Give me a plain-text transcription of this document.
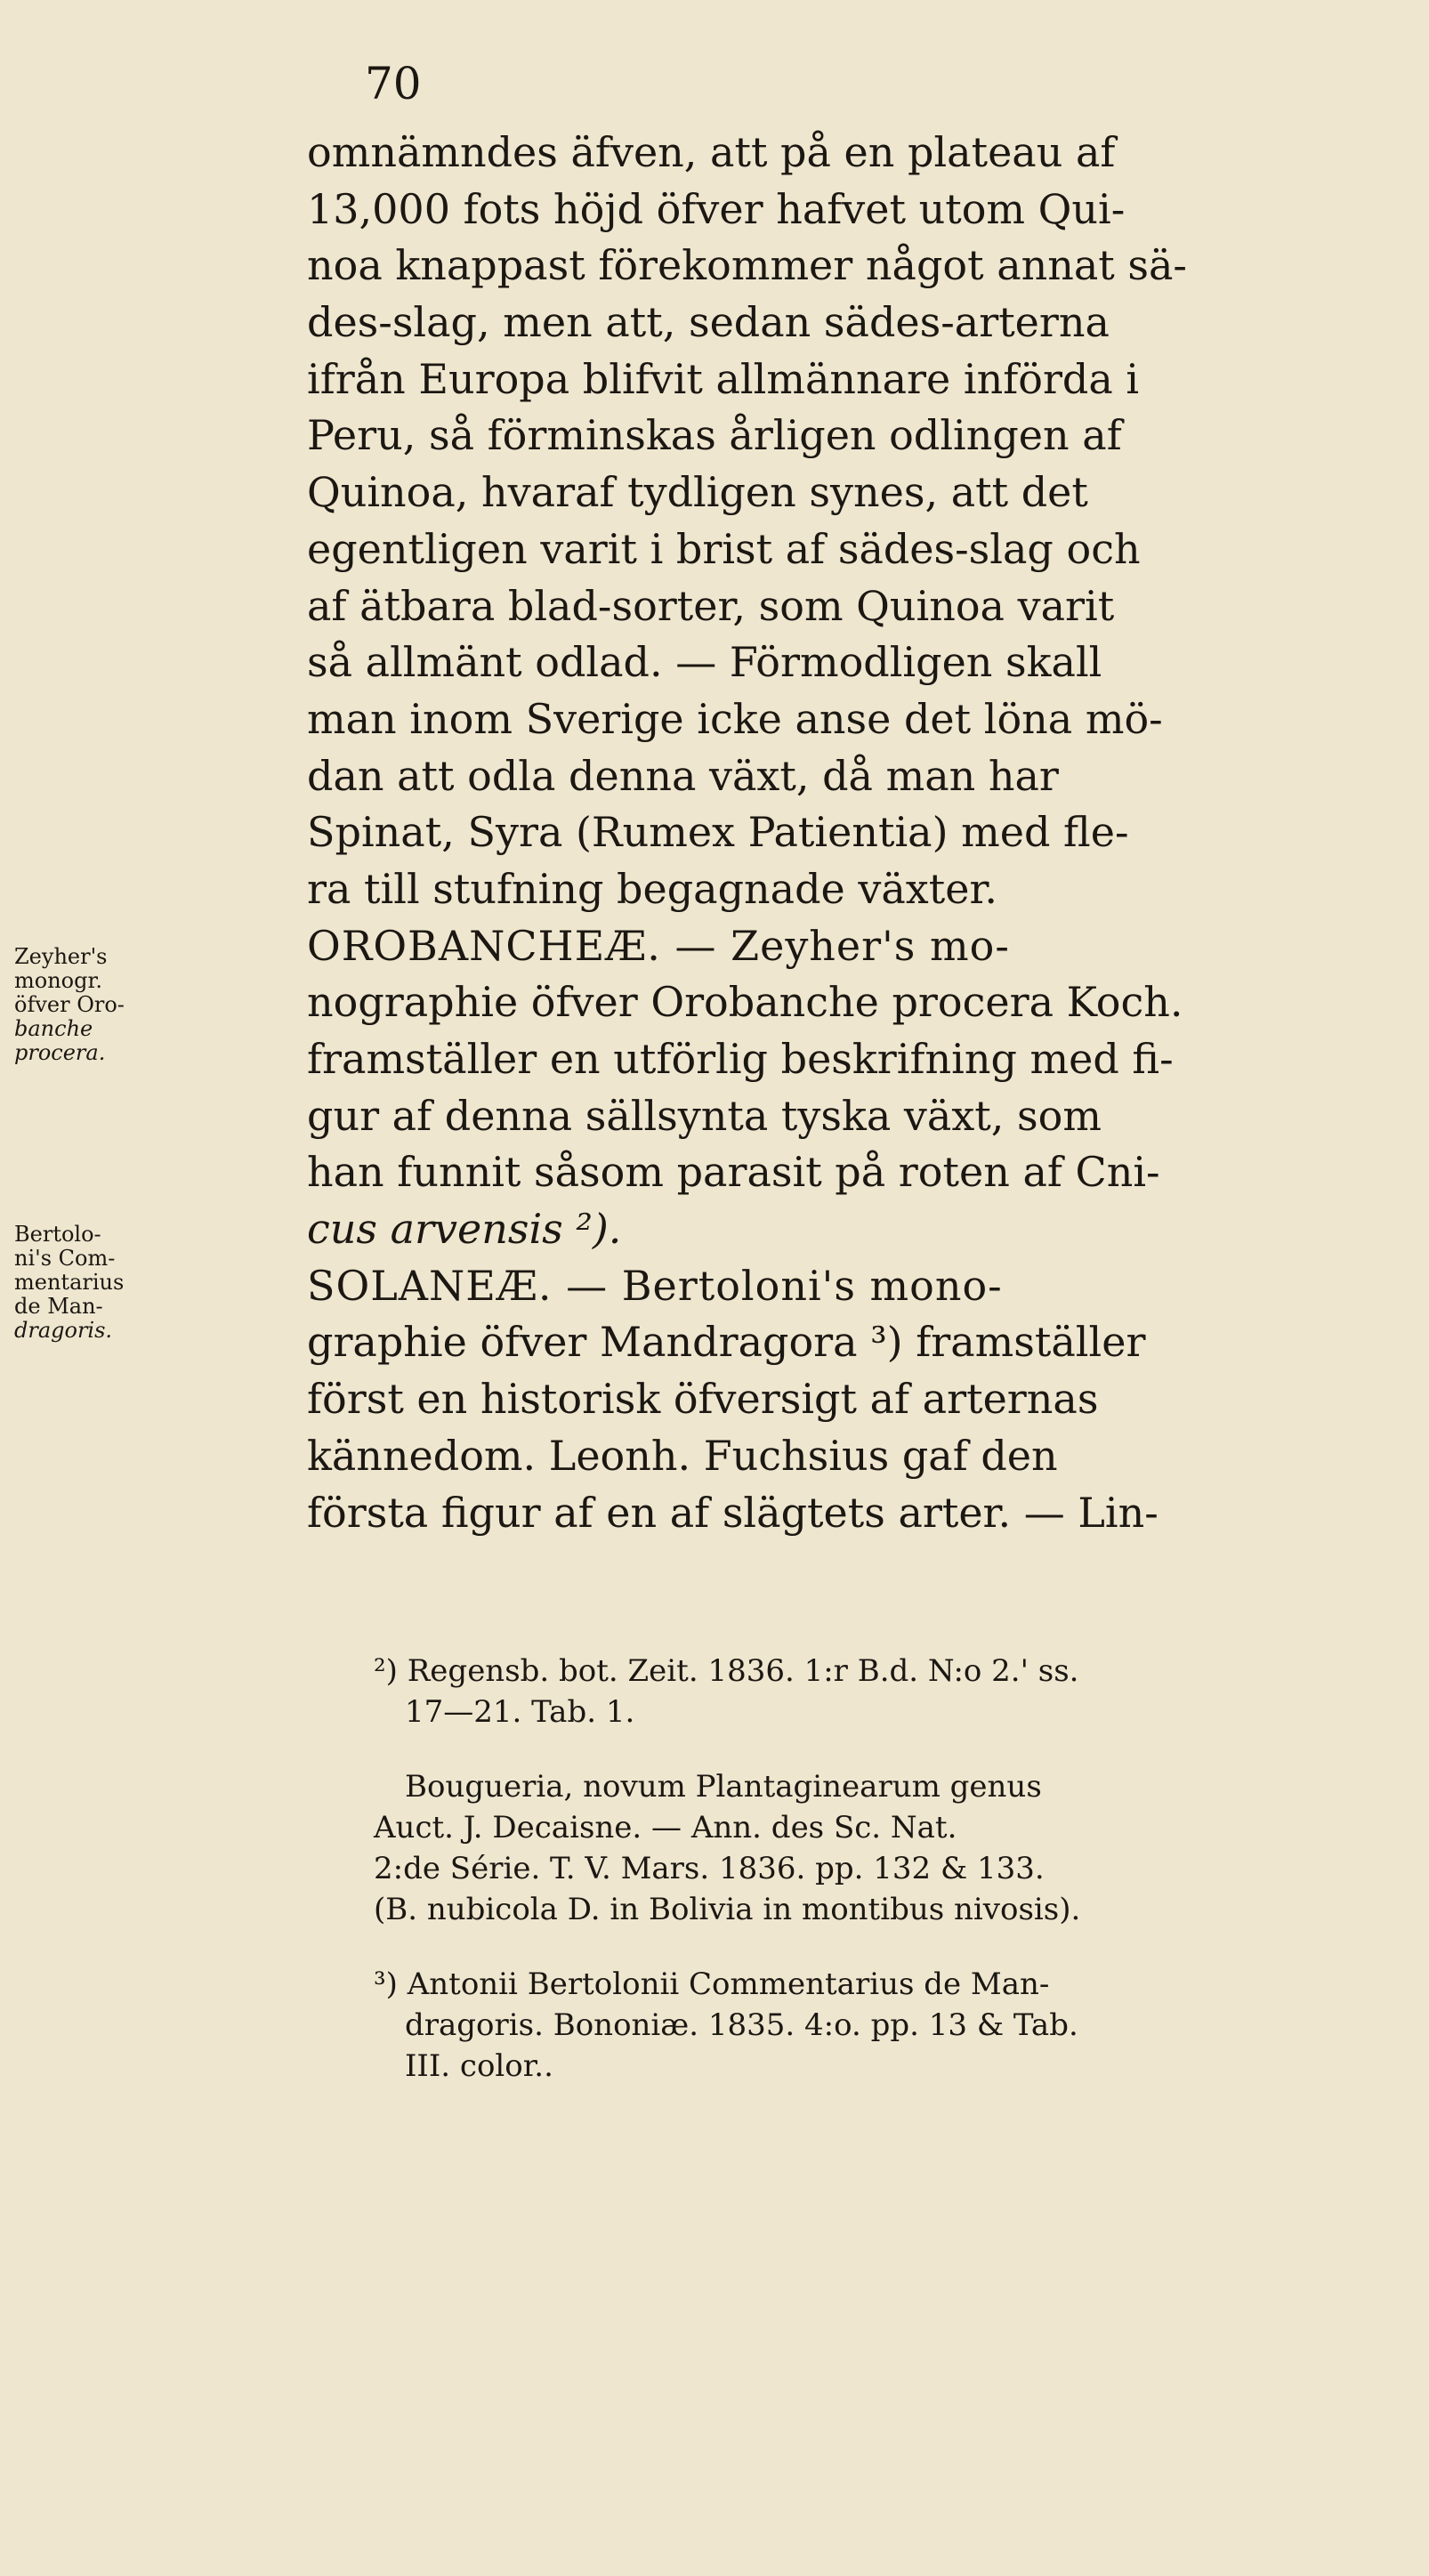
70
omnämndes äfven, att på en plateau af
13,000 fots höjd öfver hafvet utom Qui-
noa knappast förekommer något annat sä-
des-slag, men att, sedan sädes-arterna
ifrån Europa blifvit allmännare införda i
Peru, så förminskas årligen odlingen af
Quinoa, hvaraf tydligen synes, att det
egentligen varit i brist af sädes-slag och
af ätbara blad-sorter, som Quinoa varit
så allmänt odlad. — Förmodligen skall
man inom Sverige icke anse det löna mö-
dan att odla denna växt, då man har
Spinat, Syra (Rumex Patientia) med fle-
ra till stufning begagnade växter.
OROBANCHEÆ. — Zeyher's mo-
nographie öfver Orobanche procera Koch.
framställer en utförlig beskrifning med fi-
gur af denna sällsynta tyska växt, som
han funnit såsom parasit på roten af Cni-
cus arvensis ²).
SOLANEÆ. — Bertoloni's mono-
graphie öfver Mandragora ³) framställer
först en historisk öfversigt af arternas
kännedom. Leonh. Fuchsius gaf den
första figur af en af slägtets arter. — Lin-
Zeyher's
monogr.
öfver Oro-
banche
procera.
Bertolo-
ni's Com-
mentarius
de Man-
dragoris.
²) Regensb. bot. Zeit. 1836. 1:r B.d. N:o 2.' ss.
17—21. Tab. 1.
Bougueria, novum Plantaginearum genus
Auct. J. Decaisne. — Ann. des Sc. Nat.
2:de Série. T. V. Mars. 1836. pp. 132 & 133.
(B. nubicola D. in Bolivia in montibus nivosis).
³) Antonii Bertolonii Commentarius de Man-
dragoris. Bononiæ. 1835. 4:o. pp. 13 & Tab.
III. color..
